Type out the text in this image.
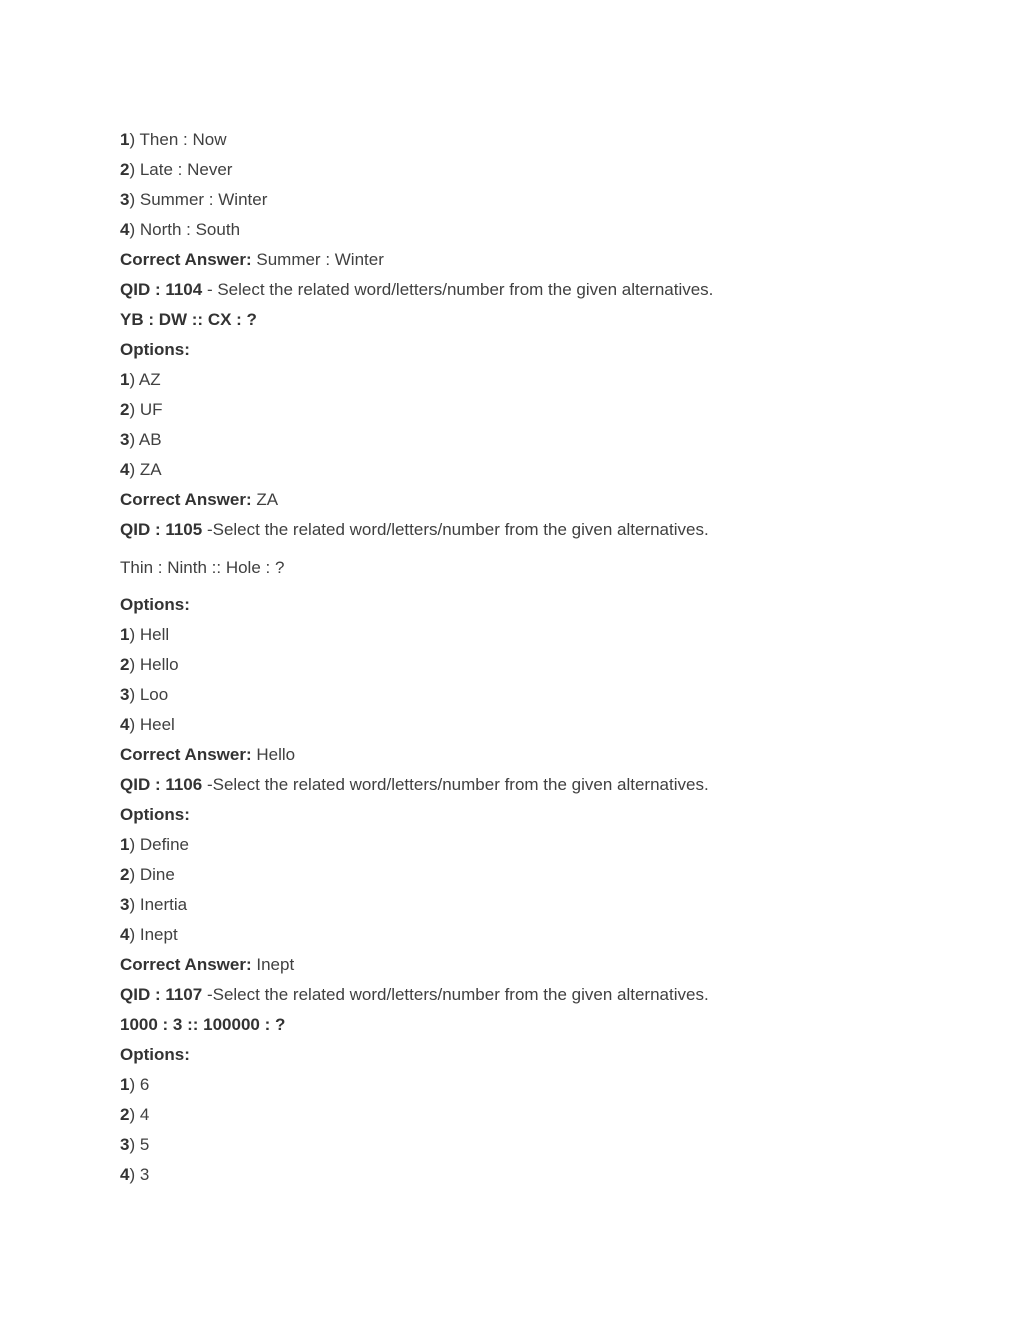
1) Then : Now
2) Late : Never
3) Summer : Winter
4) North : South
Correct Answer: Summer : Winter
QID : 1104 - Select the related word/letters/number from the given alternatives.
YB : DW :: CX : ?
Options:
1) AZ
2) UF
3) AB
4) ZA
Correct Answer: ZA
QID : 1105 -Select the related word/letters/number from the given alternatives.
Thin : Ninth :: Hole : ?
Options:
1) Hell
2) Hello
3) Loo
4) Heel
Correct Answer: Hello
QID : 1106 -Select the related word/letters/number from the given alternatives.
Options:
1) Define
2) Dine
3) Inertia
4) Inept
Correct Answer: Inept
QID : 1107 -Select the related word/letters/number from the given alternatives.
1000 : 3 :: 100000 : ?
Options:
1) 6
2) 4
3) 5
4) 3
